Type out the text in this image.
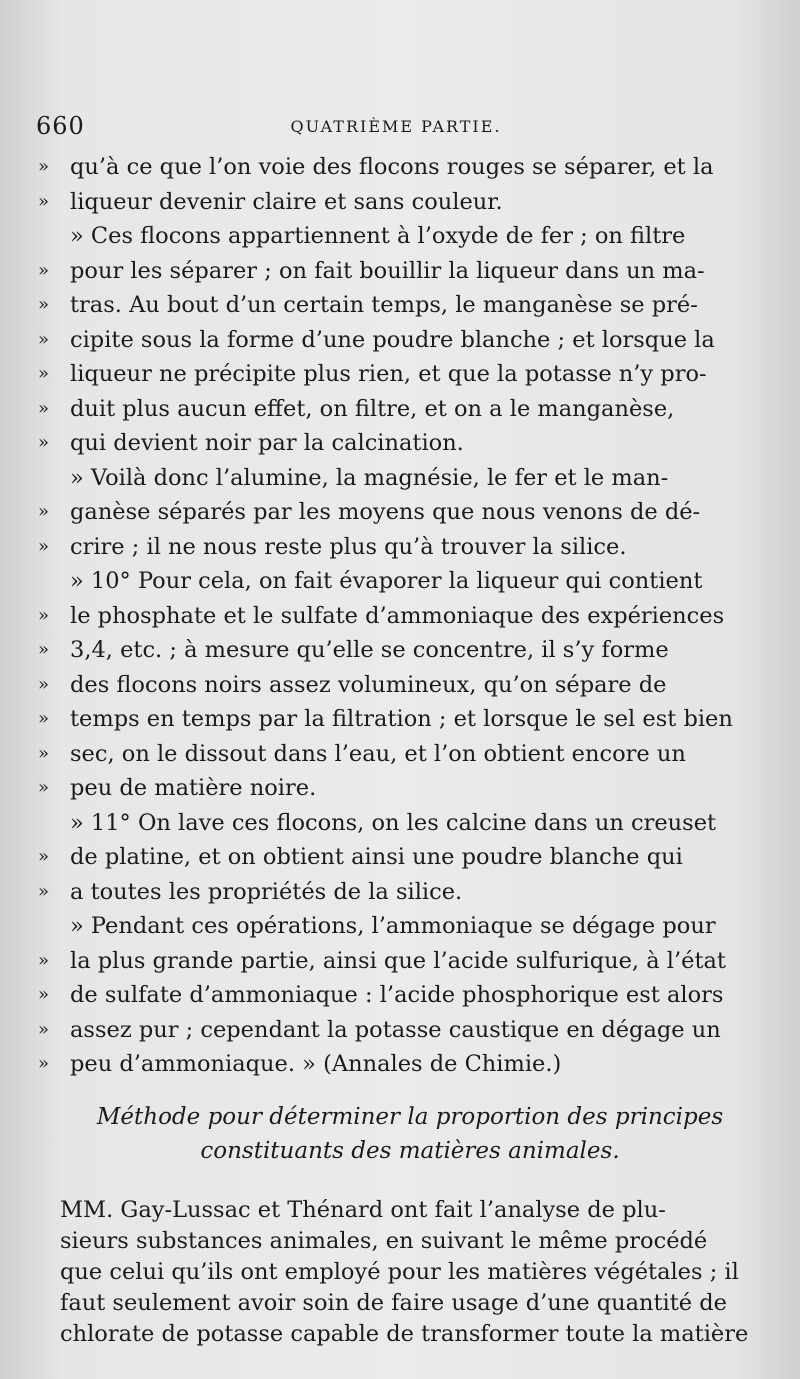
660	QUATRIÈME PARTIE.
» qu’à ce que l’on voie des flocons rouges se séparer, et la
» liqueur devenir claire et sans couleur.
» Ces flocons appartiennent à l’oxyde de fer ; on filtre
» pour les séparer ; on fait bouillir la liqueur dans un ma-
» tras. Au bout d’un certain temps, le manganèse se pré-
» cipite sous la forme d’une poudre blanche ; et lorsque la
» liqueur ne précipite plus rien, et que la potasse n’y pro-
» duit plus aucun effet, on filtre, et on a le manganèse,
» qui devient noir par la calcination.
» Voilà donc l’alumine, la magnésie, le fer et le man-
» ganèse séparés par les moyens que nous venons de dé-
» crire ; il ne nous reste plus qu’à trouver la silice.
» 10° Pour cela, on fait évaporer la liqueur qui contient
» le phosphate et le sulfate d’ammoniaque des expériences
» 3,4, etc. ; à mesure qu’elle se concentre, il s’y forme
» des flocons noirs assez volumineux, qu’on sépare de
» temps en temps par la filtration ; et lorsque le sel est bien
» sec, on le dissout dans l’eau, et l’on obtient encore un
» peu de matière noire.
» 11° On lave ces flocons, on les calcine dans un creuset
» de platine, et on obtient ainsi une poudre blanche qui
» a toutes les propriétés de la silice.
» Pendant ces opérations, l’ammoniaque se dégage pour
» la plus grande partie, ainsi que l’acide sulfurique, à l’état
» de sulfate d’ammoniaque : l’acide phosphorique est alors
» assez pur ; cependant la potasse caustique en dégage un
» peu d’ammoniaque. » (Annales de Chimie.)
Méthode pour déterminer la proportion des principes
constituants des matières animales.
MM. Gay-Lussac et Thénard ont fait l’analyse de plu-
sieurs substances animales, en suivant le même procédé
que celui qu’ils ont employé pour les matières végétales ; il
faut seulement avoir soin de faire usage d’une quantité de
chlorate de potasse capable de transformer toute la matière
